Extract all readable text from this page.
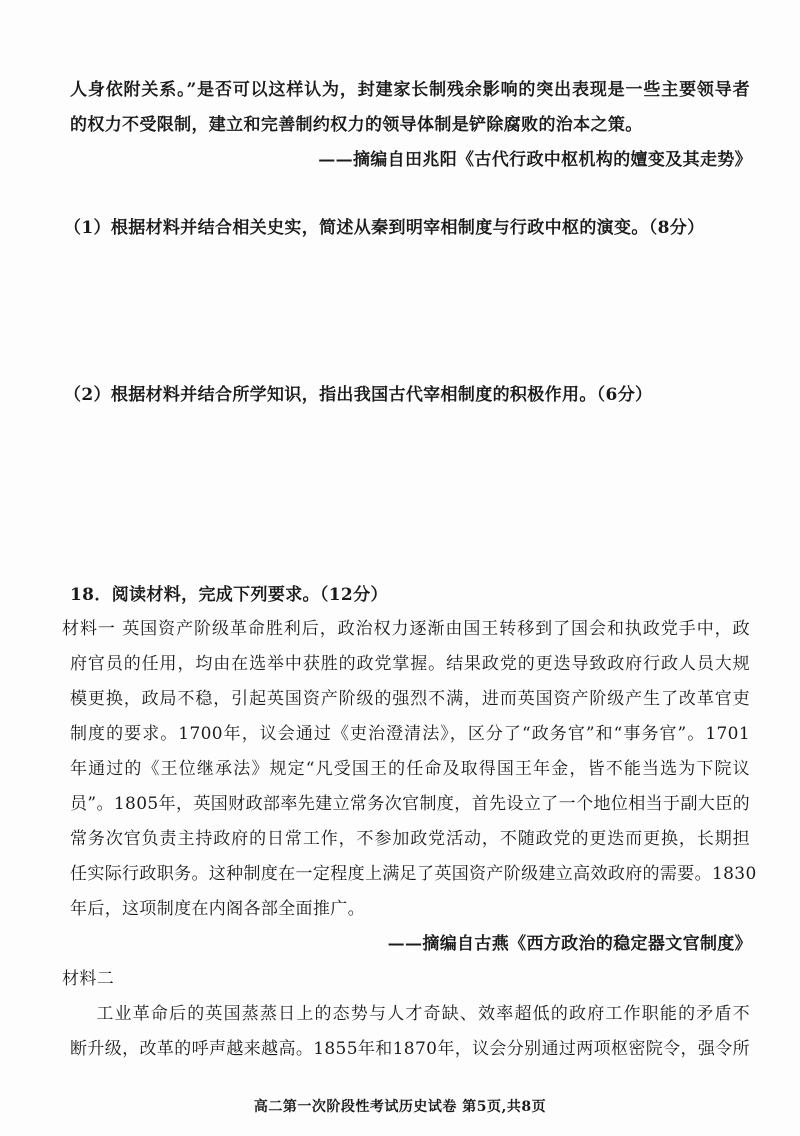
人身依附关系。”是否可以这样认为，封建家长制残余影响的突出表现是一些主要领导者
的权力不受限制，建立和完善制约权力的领导体制是铲除腐败的治本之策。
——摘编自田兆阳《古代行政中枢机构的嬗变及其走势》
（1）根据材料并结合相关史实，简述从秦到明宰相制度与行政中枢的演变。（8分）
（2）根据材料并结合所学知识，指出我国古代宰相制度的积极作用。（6分）
18．阅读材料，完成下列要求。（12分）
材料一 英国资产阶级革命胜利后，政治权力逐渐由国王转移到了国会和执政党手中，政
府官员的任用，均由在选举中获胜的政党掌握。结果政党的更迭导致政府行政人员大规
模更换，政局不稳，引起英国资产阶级的强烈不满，进而英国资产阶级产生了改革官吏
制度的要求。1700年，议会通过《吏治澄清法》，区分了“政务官”和“事务官”。1701
年通过的《王位继承法》规定“凡受国王的任命及取得国王年金，皆不能当选为下院议
员”。1805年，英国财政部率先建立常务次官制度，首先设立了一个地位相当于副大臣的
常务次官负责主持政府的日常工作，不参加政党活动，不随政党的更迭而更换，长期担
任实际行政职务。这种制度在一定程度上满足了英国资产阶级建立高效政府的需要。1830
年后，这项制度在内阁各部全面推广。
——摘编自古燕《西方政治的稳定器文官制度》
材料二
工业革命后的英国蒸蒸日上的态势与人才奇缺、效率超低的政府工作职能的矛盾不
断升级，改革的呼声越来越高。1855年和1870年，议会分别通过两项枢密院令，强令所
高二第一次阶段性考试历史试卷 第5页,共8页
